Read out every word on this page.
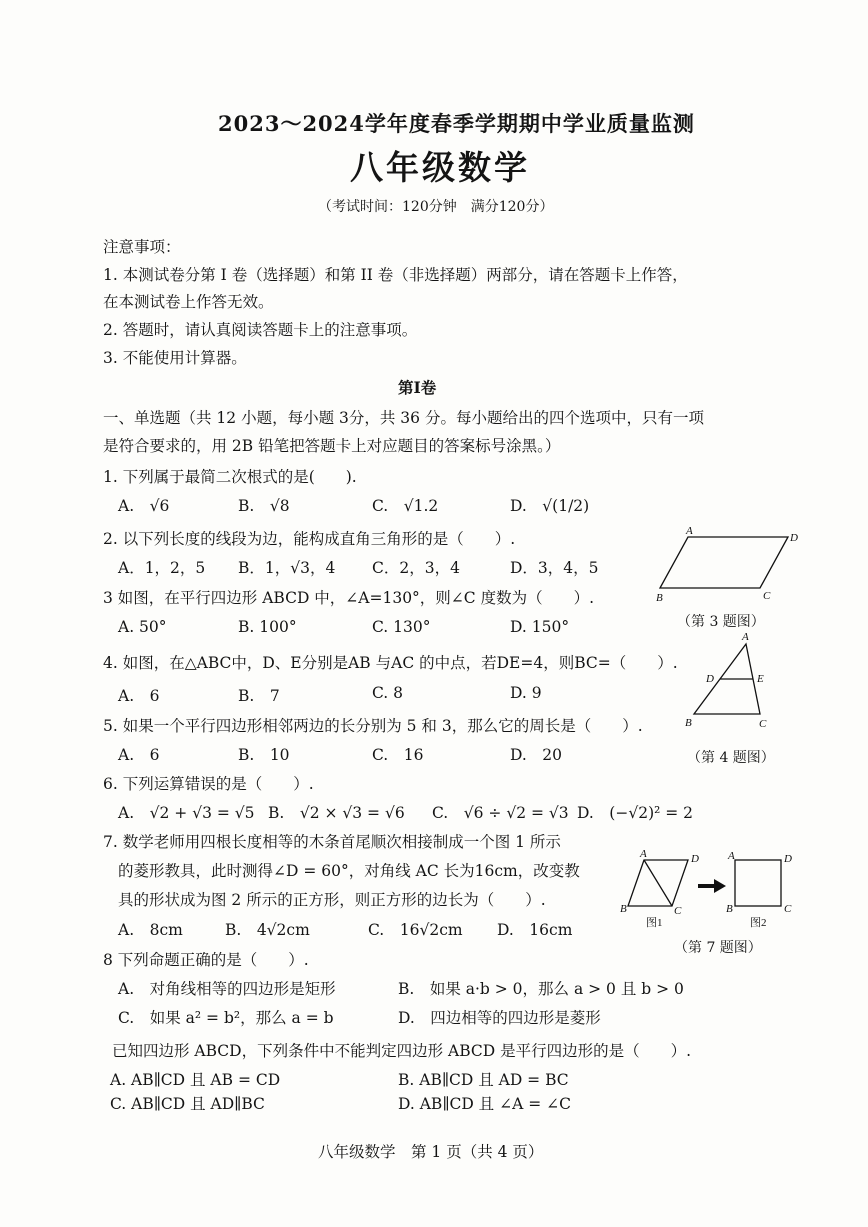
2023～2024学年度春季学期期中学业质量监测
八年级数学
（考试时间：120分钟　满分120分）
注意事项：
1. 本测试卷分第 I 卷（选择题）和第 II 卷（非选择题）两部分，请在答题卡上作答，
在本测试卷上作答无效。
2. 答题时，请认真阅读答题卡上的注意事项。
3. 不能使用计算器。
第Ⅰ卷
一、单选题（共 12 小题，每小题 3分，共 36 分。每小题给出的四个选项中，只有一项
是符合要求的，用 2B 铅笔把答题卡上对应题目的答案标号涂黑。）
1. 下列属于最简二次根式的是(　　).
A.　√6	B.　√8	C.　√1.2	D.　√(1/2)
2. 以下列长度的线段为边，能构成直角三角形的是（　　）.
A．1，2，5 B．1，√3，4 C．2，3，4	D．3，4，5
3 如图，在平行四边形 ABCD 中，∠A=130°，则∠C 度数为（　　）.
A. 50°	B. 100°	C. 130°	D. 150°
4. 如图，在△ABC中，D、E分别是AB 与AC 的中点，若DE=4，则BC=（　　）.
A.　6	B.　7	C. 8	D. 9
5. 如果一个平行四边形相邻两边的长分别为 5 和 3，那么它的周长是（　　）.
A.　6	B.　10	C.　16	D.　20
6. 下列运算错误的是（　　）.
A.　√2 + √3 = √5 B.　√2 × √3 = √6 C.　√6 ÷ √2 = √3 D.　(−√2)² = 2
7. 数学老师用四根长度相等的木条首尾顺次相接制成一个图 1 所示
的菱形教具，此时测得∠D = 60°，对角线 AC 长为16cm，改变教
具的形状成为图 2 所示的正方形，则正方形的边长为（　　）.
A.　8cm	B.　4√2cm	C.　16√2cm D.　16cm
8 下列命题正确的是（　　）.
A.　对角线相等的四边形是矩形	B.　如果 a·b > 0，那么 a > 0 且 b > 0
C.　如果 a² = b²，那么 a = b	D.　四边相等的四边形是菱形
已知四边形 ABCD，下列条件中不能判定四边形 ABCD 是平行四边形的是（　　）.
A. AB∥CD 且 AB = CD	B. AB∥CD 且 AD = BC
C. AB∥CD 且 AD∥BC	D. AB∥CD 且 ∠A = ∠C
八年级数学　第 1 页（共 4 页）
A
D
B	C
（第 3 题图）
A
D	E
B	C
（第 4 题图）
A	D
B	C
A	D
B	C
图1	图2
（第 7 题图）
